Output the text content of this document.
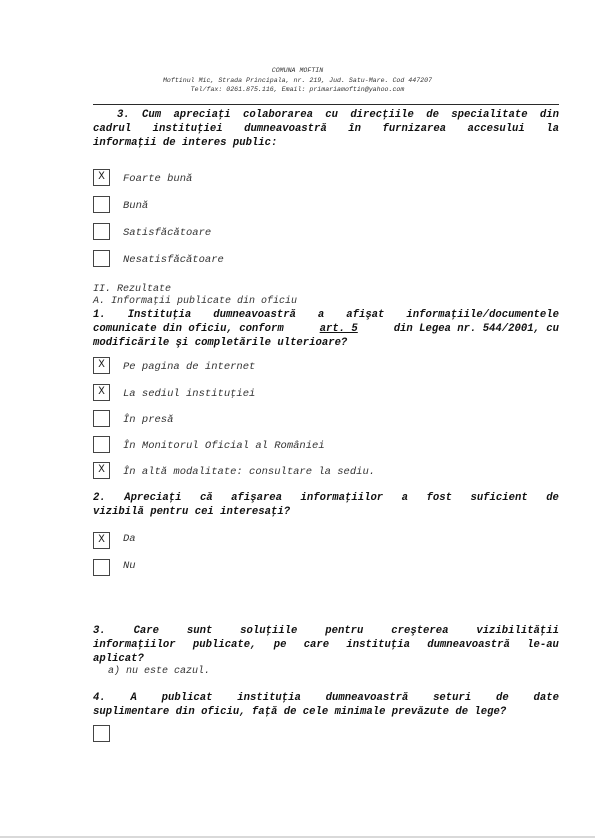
COMUNA MOFTIN
Moftinul Mic, Strada Principala, nr. 219, Jud. Satu-Mare. Cod 447207
Tel/fax: 0261.875.116, Email: primariamoftin@yahoo.com
3. Cum apreciaţi colaborarea cu direcţiile de specialitate din
cadrul instituţiei dumneavoastră în furnizarea accesului la
informaţii de interes public:
X	Foarte bună
Bună
Satisfăcătoare
Nesatisfăcătoare
II. Rezultate
A. Informaţii publicate din oficiu
1. Instituţia dumneavoastră a afişat informaţiile/documentele
comunicate din oficiu, conform	art. 5	din Legea nr. 544/2001, cu
modificările şi completările ulterioare?
X	Pe pagina de internet
X	La sediul instituţiei
În presă
În Monitorul Oficial al României
X	În altă modalitate: consultare la sediu.
2. Apreciaţi că afişarea informaţiilor a fost suficient de
vizibilă pentru cei interesaţi?
X	Da
Nu
3.	Care	sunt	soluţiile	pentru	creşterea	vizibilităţii
informaţiilor publicate, pe care instituţia dumneavoastră le-au
aplicat?
a) nu este cazul.
4. A publicat instituţia dumneavoastră seturi de date
suplimentare din oficiu, faţă de cele minimale prevăzute de lege?
